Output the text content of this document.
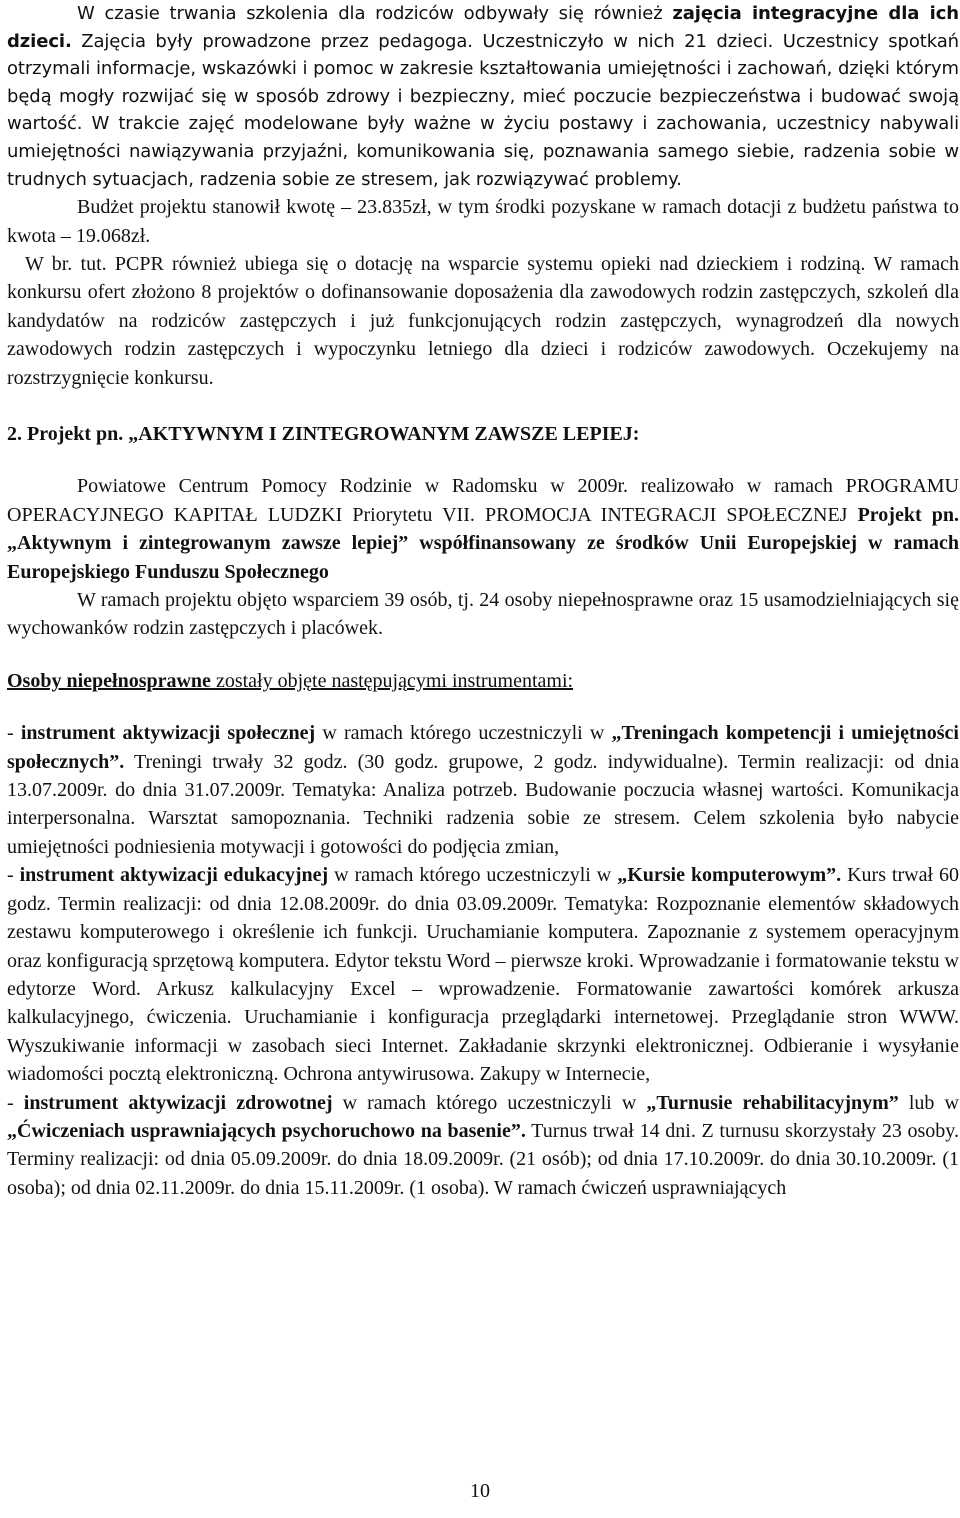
W czasie trwania szkolenia dla rodziców odbywały się również zajęcia integracyjne dla ich dzieci. Zajęcia były prowadzone przez pedagoga. Uczestniczyło w nich 21 dzieci. Uczestnicy spotkań otrzymali informacje, wskazówki i pomoc w zakresie kształtowania umiejętności i zachowań, dzięki którym będą mogły rozwijać się w sposób zdrowy i bezpieczny, mieć poczucie bezpieczeństwa i budować swoją wartość. W trakcie zajęć modelowane były ważne w życiu postawy i zachowania, uczestnicy nabywali umiejętności nawiązywania przyjaźni, komunikowania się, poznawania samego siebie, radzenia sobie w trudnych sytuacjach, radzenia sobie ze stresem, jak rozwiązywać problemy.

Budżet projektu stanowił kwotę – 23.835zł, w tym środki pozyskane w ramach dotacji z budżetu państwa to kwota – 19.068zł.

W br. tut. PCPR również ubiega się o dotację na wsparcie systemu opieki nad dzieckiem i rodziną. W ramach konkursu ofert złożono 8 projektów o dofinansowanie doposażenia dla zawodowych rodzin zastępczych, szkoleń dla kandydatów na rodziców zastępczych i już funkcjonujących rodzin zastępczych, wynagrodzeń dla nowych zawodowych rodzin zastępczych i wypoczynku letniego dla dzieci i rodziców zawodowych. Oczekujemy na rozstrzygnięcie konkursu.

2. Projekt pn. „AKTYWNYM I ZINTEGROWANYM ZAWSZE LEPIEJ:

Powiatowe Centrum Pomocy Rodzinie w Radomsku w 2009r. realizowało w ramach PROGRAMU OPERACYJNEGO KAPITAŁ LUDZKI Priorytetu VII. PROMOCJA INTEGRACJI SPOŁECZNEJ Projekt pn. „Aktywnym i zintegrowanym zawsze lepiej” współfinansowany ze środków Unii Europejskiej w ramach Europejskiego Funduszu Społecznego

W ramach projektu objęto wsparciem 39 osób, tj. 24 osoby niepełnosprawne oraz 15 usamodzielniających się wychowanków rodzin zastępczych i placówek.

Osoby niepełnosprawne zostały objęte następującymi instrumentami:

- instrument aktywizacji społecznej w ramach którego uczestniczyli w „Treningach kompetencji i umiejętności społecznych”. Treningi trwały 32 godz. (30 godz. grupowe, 2 godz. indywidualne). Termin realizacji: od dnia 13.07.2009r. do dnia 31.07.2009r. Tematyka: Analiza potrzeb. Budowanie poczucia własnej wartości. Komunikacja interpersonalna. Warsztat samopoznania. Techniki radzenia sobie ze stresem. Celem szkolenia było nabycie umiejętności podniesienia motywacji i gotowości do podjęcia zmian,

- instrument aktywizacji edukacyjnej w ramach którego uczestniczyli w „Kursie komputerowym”. Kurs trwał 60 godz. Termin realizacji: od dnia 12.08.2009r. do dnia 03.09.2009r. Tematyka: Rozpoznanie elementów składowych zestawu komputerowego i określenie ich funkcji. Uruchamianie komputera. Zapoznanie z systemem operacyjnym oraz konfiguracją sprzętową komputera. Edytor tekstu Word – pierwsze kroki. Wprowadzanie i formatowanie tekstu w edytorze Word. Arkusz kalkulacyjny Excel – wprowadzenie. Formatowanie zawartości komórek arkusza kalkulacyjnego, ćwiczenia. Uruchamianie i konfiguracja przeglądarki internetowej. Przeglądanie stron WWW. Wyszukiwanie informacji w zasobach sieci Internet. Zakładanie skrzynki elektronicznej. Odbieranie i wysyłanie wiadomości pocztą elektroniczną. Ochrona antywirusowa. Zakupy w Internecie,

- instrument aktywizacji zdrowotnej w ramach którego uczestniczyli w „Turnusie rehabilitacyjnym” lub w „Ćwiczeniach usprawniających psychoruchowo na basenie”. Turnus trwał 14 dni. Z turnusu skorzystały 23 osoby. Terminy realizacji: od dnia 05.09.2009r. do dnia 18.09.2009r. (21 osób); od dnia 17.10.2009r. do dnia 30.10.2009r. (1 osoba); od dnia 02.11.2009r. do dnia 15.11.2009r. (1 osoba). W ramach ćwiczeń usprawniających

10
